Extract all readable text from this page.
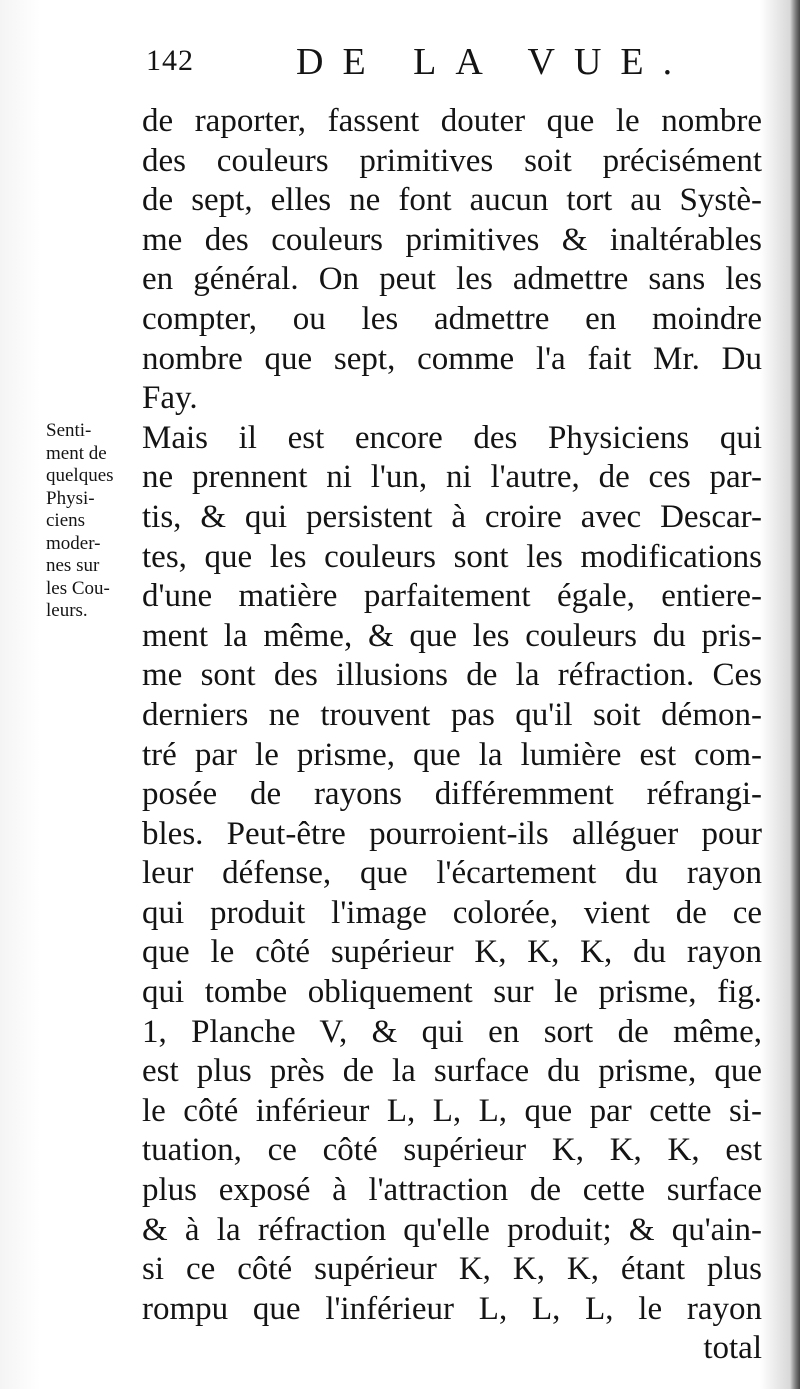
142	DE LA VUE.
Senti-
ment de
quelques
Physi-
ciens
moder-
nes sur
les Cou-
leurs.
de raporter, fassent douter que le nombre
des couleurs primitives soit précisément
de sept, elles ne font aucun tort au Systè-
me des couleurs primitives & inaltérables
en général. On peut les admettre sans les
compter, ou les admettre en moindre
nombre que sept, comme l'a fait Mr. Du
Fay.
Mais il est encore des Physiciens qui
ne prennent ni l'un, ni l'autre, de ces par-
tis, & qui persistent à croire avec Descar-
tes, que les couleurs sont les modifications
d'une matière parfaitement égale, entiere-
ment la même, & que les couleurs du pris-
me sont des illusions de la réfraction. Ces
derniers ne trouvent pas qu'il soit démon-
tré par le prisme, que la lumière est com-
posée de rayons différemment réfrangi-
bles. Peut-être pourroient-ils alléguer pour
leur défense, que l'écartement du rayon
qui produit l'image colorée, vient de ce
que le côté supérieur K, K, K, du rayon
qui tombe obliquement sur le prisme, fig.
1, Planche V, & qui en sort de même,
est plus près de la surface du prisme, que
le côté inférieur L, L, L, que par cette si-
tuation, ce côté supérieur K, K, K, est
plus exposé à l'attraction de cette surface
& à la réfraction qu'elle produit; & qu'ain-
si ce côté supérieur K, K, K, étant plus
rompu que l'inférieur L, L, L, le rayon
total
